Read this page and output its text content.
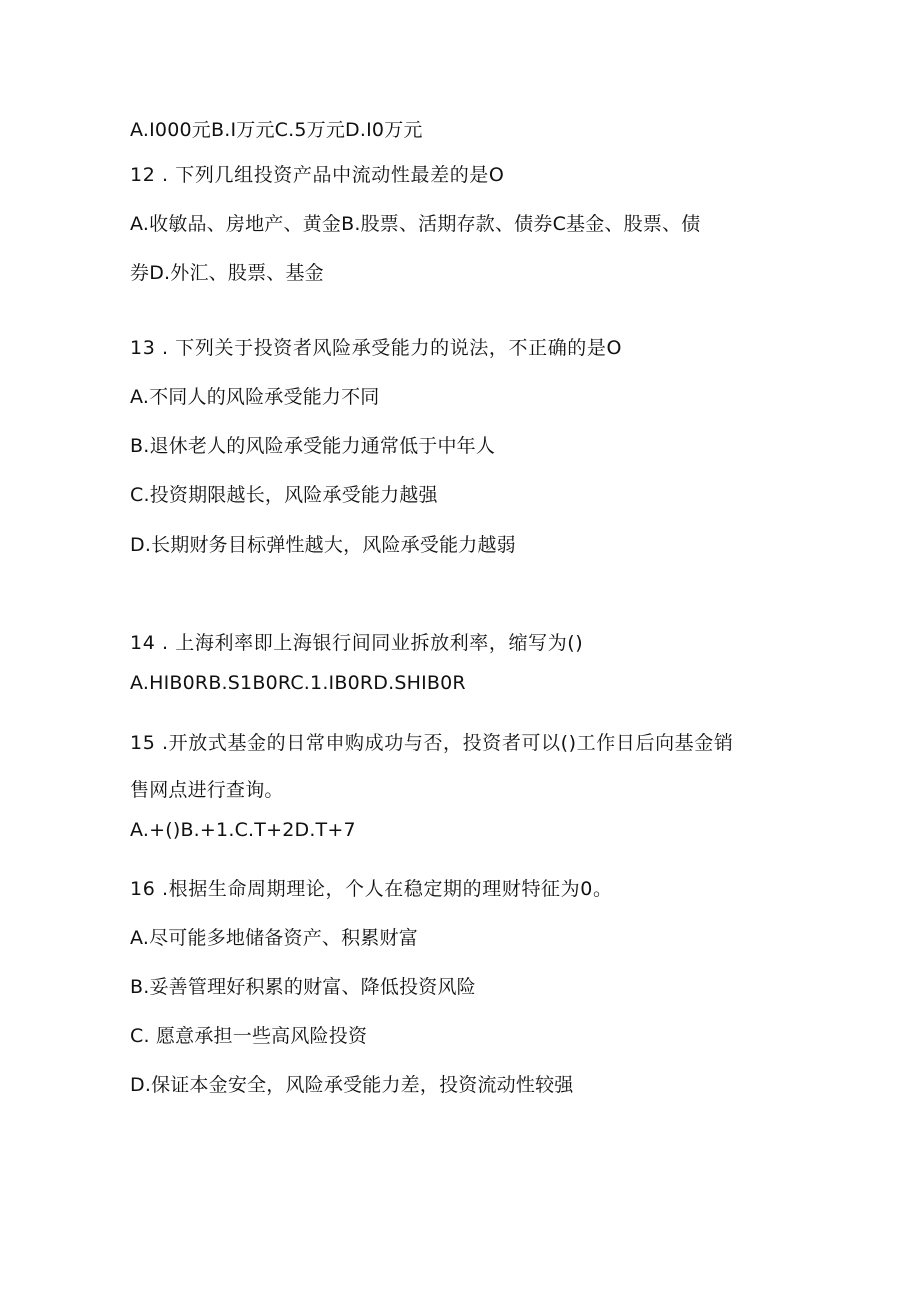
A.I000元B.I万元C.5万元D.I0万元
12 . 下列几组投资产品中流动性最差的是O
A.收敏品、房地产、黄金B.股票、活期存款、债券C基金、股票、债
券D.外汇、股票、基金
13 . 下列关于投资者风险承受能力的说法，不正确的是O
A.不同人的风险承受能力不同
B.退休老人的风险承受能力通常低于中年人
C.投资期限越长，风险承受能力越强
D.长期财务目标弹性越大，风险承受能力越弱
14 . 上海利率即上海银行间同业拆放利率，缩写为()
A.HIB0RB.S1B0RC.1.IB0RD.SHIB0R
15 .开放式基金的日常申购成功与否，投资者可以()工作日后向基金销
售网点进行查询。
A.+()B.+1.C.T+2D.T+7
16 .根据生命周期理论，个人在稳定期的理财特征为0。
A.尽可能多地储备资产、积累财富
B.妥善管理好积累的财富、降低投资风险
C. 愿意承担一些高风险投资
D.保证本金安全，风险承受能力差，投资流动性较强
